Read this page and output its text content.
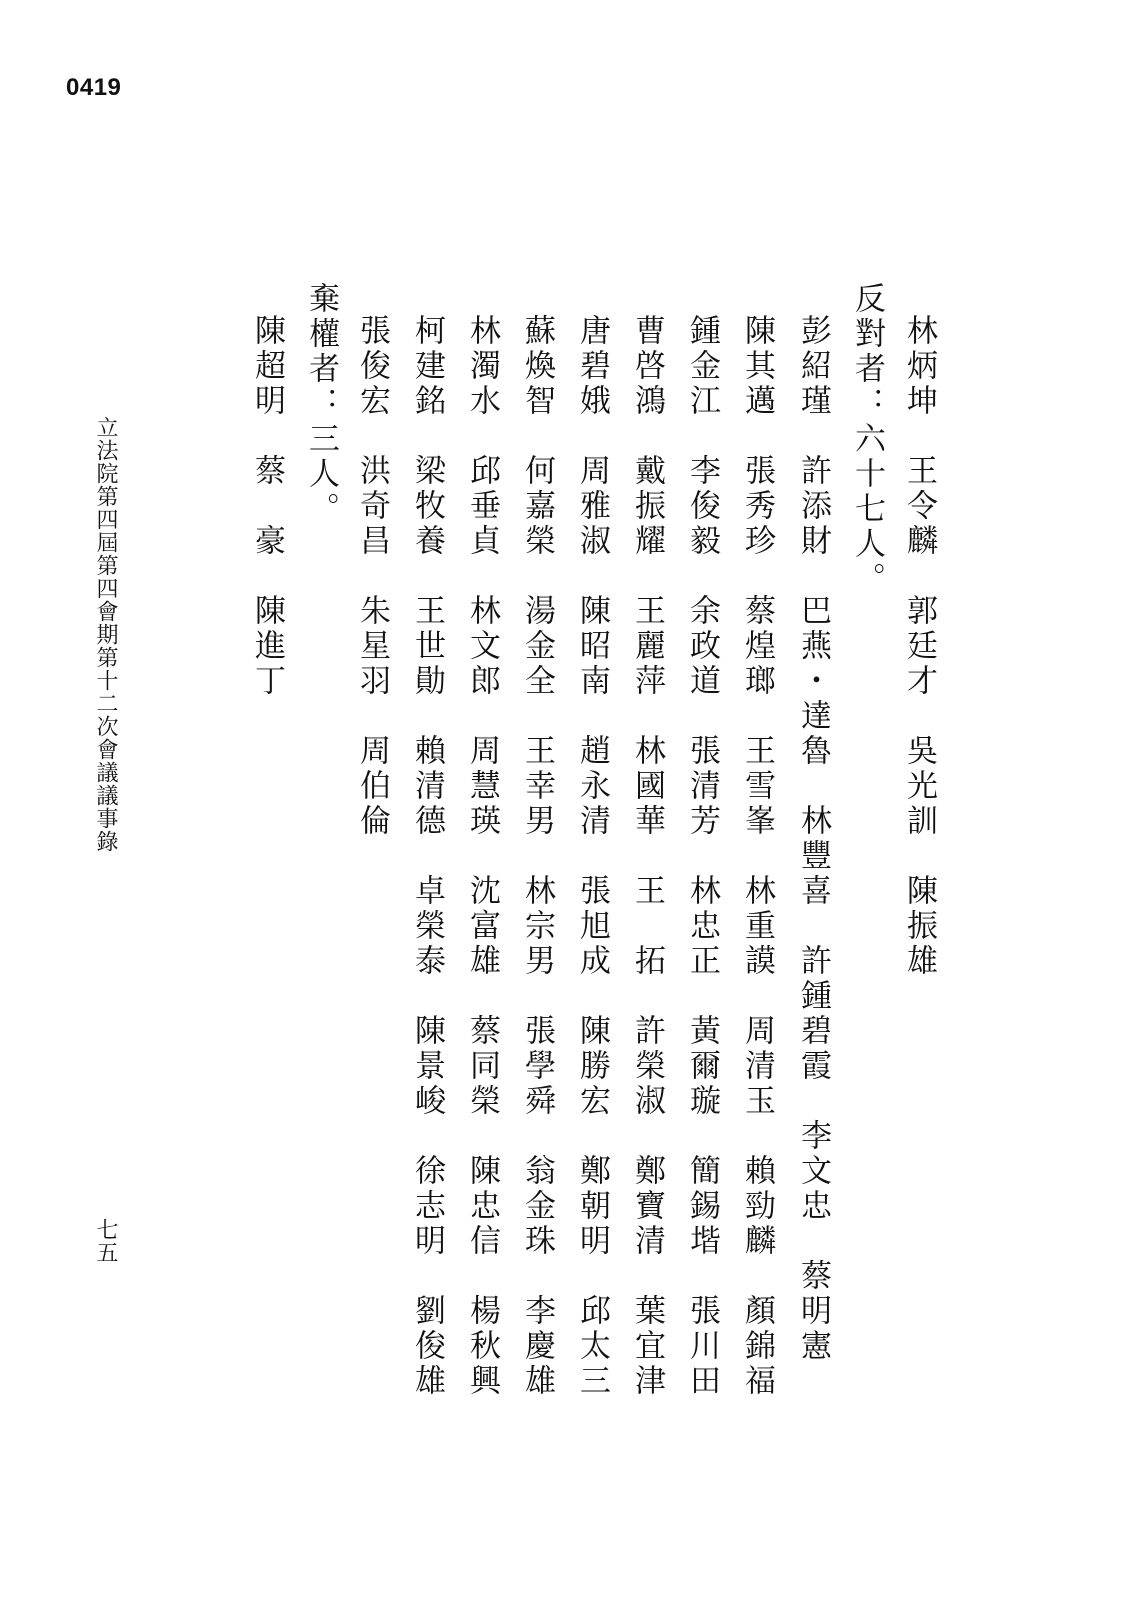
0419
立法院第四屆第四會期第十二次會議議事錄
七五
林炳坤　王令麟　郭廷才　吳光訓　陳振雄
反對者：六十七人。
彭紹瑾　許添財　巴燕・達魯　林豐喜　許鍾碧霞　李文忠　蔡明憲
陳其邁　張秀珍　蔡煌瑯　王雪峯　林重謨　周清玉　賴勁麟　顏錦福
鍾金江　李俊毅　余政道　張清芳　林忠正　黃爾璇　簡錫堦　張川田
曹啓鴻　戴振耀　王麗萍　林國華　王　拓　許榮淑　鄭寶清　葉宜津
唐碧娥　周雅淑　陳昭南　趙永清　張旭成　陳勝宏　鄭朝明　邱太三
蘇煥智　何嘉榮　湯金全　王幸男　林宗男　張學舜　翁金珠　李慶雄
林濁水　邱垂貞　林文郎　周慧瑛　沈富雄　蔡同榮　陳忠信　楊秋興
柯建銘　梁牧養　王世勛　賴清德　卓榮泰　陳景峻　徐志明　劉俊雄
張俊宏　洪奇昌　朱星羽　周伯倫
棄權者：三人。
陳超明　蔡　豪　陳進丁
